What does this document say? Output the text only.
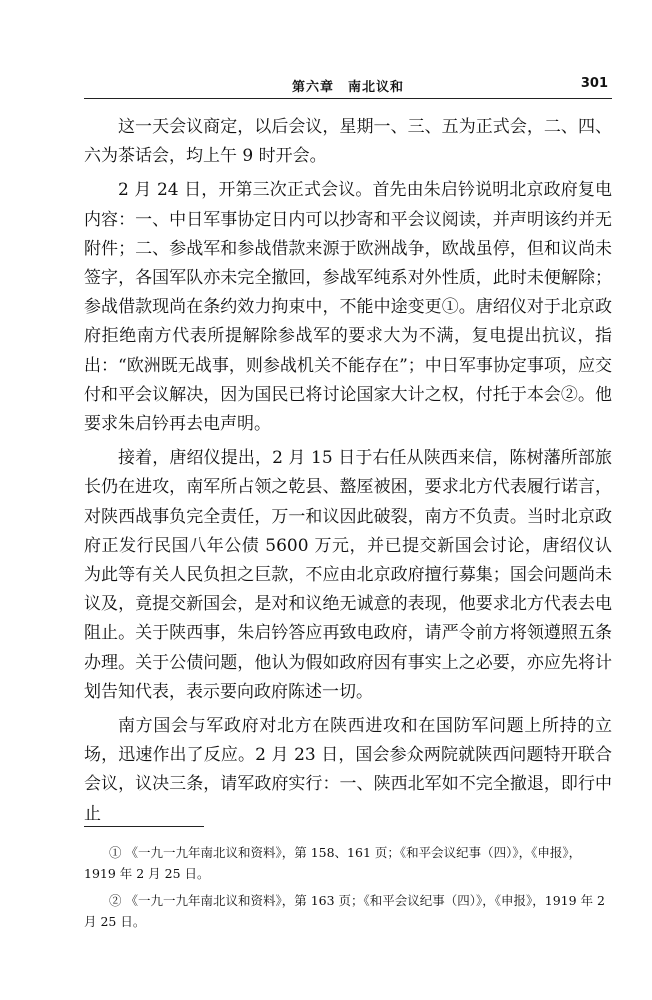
第六章　南北议和	301

这一天会议商定，以后会议，星期一、三、五为正式会，二、四、六为茶话会，均上午 9 时开会。

2 月 24 日，开第三次正式会议。首先由朱启钤说明北京政府复电内容：一、中日军事协定日内可以抄寄和平会议阅读，并声明该约并无附件；二、参战军和参战借款来源于欧洲战争，欧战虽停，但和议尚未签字，各国军队亦未完全撤回，参战军纯系对外性质，此时未便解除；参战借款现尚在条约效力拘束中，不能中途变更①。唐绍仪对于北京政府拒绝南方代表所提解除参战军的要求大为不满，复电提出抗议，指出：“欧洲既无战事，则参战机关不能存在”；中日军事协定事项，应交付和平会议解决，因为国民已将讨论国家大计之权，付托于本会②。他要求朱启钤再去电声明。

接着，唐绍仪提出，2 月 15 日于右任从陕西来信，陈树藩所部旅长仍在进攻，南军所占领之乾县、盩厔被困，要求北方代表履行诺言，对陕西战事负完全责任，万一和议因此破裂，南方不负责。当时北京政府正发行民国八年公债 5600 万元，并已提交新国会讨论，唐绍仪认为此等有关人民负担之巨款，不应由北京政府擅行募集；国会问题尚未议及，竟提交新国会，是对和议绝无诚意的表现，他要求北方代表去电阻止。关于陕西事，朱启钤答应再致电政府，请严令前方将领遵照五条办理。关于公债问题，他认为假如政府因有事实上之必要，亦应先将计划告知代表，表示要向政府陈述一切。

南方国会与军政府对北方在陕西进攻和在国防军问题上所持的立场，迅速作出了反应。2 月 23 日，国会参众两院就陕西问题特开联合会议，议决三条，请军政府实行：一、陕西北军如不完全撤退，即行中止

① 《一九一九年南北议和资料》，第 158、161 页；《和平会议纪事（四）》，《申报》，1919 年 2 月 25 日。

② 《一九一九年南北议和资料》，第 163 页；《和平会议纪事（四）》，《申报》，1919 年 2 月 25 日。
